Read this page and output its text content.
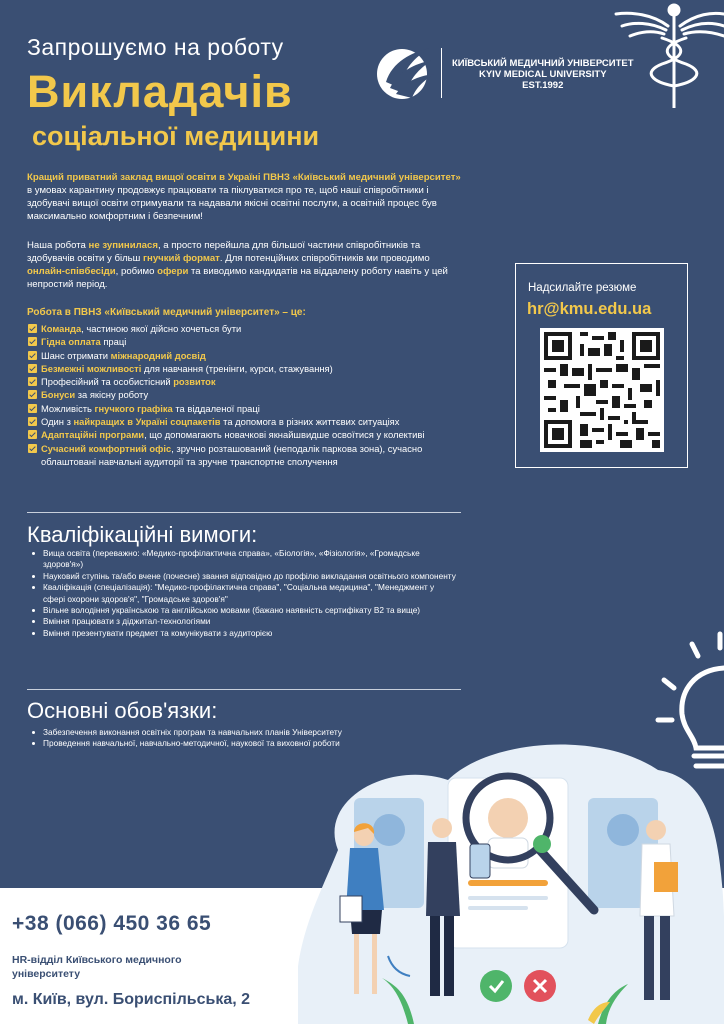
Запрошуємо на роботу
Викладачів
соціальної медицини
КИЇВСЬКИЙ МЕДИЧНИЙ УНІВЕРСИТЕТ
KYIV MEDICAL UNIVERSITY
EST.1992
Кращий приватний заклад вищої освіти в Україні ПВНЗ «Київський медичний університет» в умовах карантину продовжує працювати та піклуватися про те, щоб наші співробітники і здобувачі вищої освіти отримували та надавали якісні освітні послуги, а освітній процес був максимально комфортним і безпечним!
Наша робота не зупинилася, а просто перейшла для більшої частини співробітників та здобувачів освіти у більш гнучкий формат. Для потенційних співробітників ми проводимо онлайн-співбесіди, робимо офери та виводимо кандидатів на віддалену роботу навіть у цей непростий період.
Робота в ПВНЗ «Київський медичний університет» – це:
Команда, частиною якої дійсно хочеться бути
Гідна оплата праці
Шанс отримати міжнародний досвід
Безмежні можливості для навчання (тренінги, курси, стажування)
Професійний та особистісний розвиток
Бонуси за якісну роботу
Можливість гнучкого графіка та віддаленої праці
Один з найкращих в Україні соцпакетів та допомога в різних життєвих ситуаціях
Адаптаційні програми, що допомагають новачкові якнайшвидше освоїтися у колективі
Сучасний комфортний офіс, зручно розташований (неподалік паркова зона), сучасно облаштовані навчальні аудиторії та зручне транспортне сполучення
Надсилайте резюме
hr@kmu.edu.ua
Кваліфікаційні вимоги:
Вища освіта (переважно: «Медико-профілактична справа», «Біологія», «Фізіологія», «Громадське здоров'я»)
Науковий ступінь та/або вчене (почесне) звання відповідно до профілю викладання освітнього компоненту
Кваліфікація (спеціалізація): "Медико-профілактична справа", "Соціальна медицина", "Менеджмент у сфері охорони здоров'я", "Громадське здоров'я"
Вільне володіння українською та англійською мовами (бажано наявність сертифікату В2 та вище)
Вміння працювати з діджитал-технологіями
Вміння презентувати предмет та комунікувати з аудиторією
Основні обов'язки:
Забезпечення виконання освітніх програм та навчальних планів Університету
Проведення навчальної, навчально-методичної, наукової та виховної роботи
+38 (066) 450 36 65
HR-відділ Київського медичного університету
м. Київ, вул. Бориспільська, 2
